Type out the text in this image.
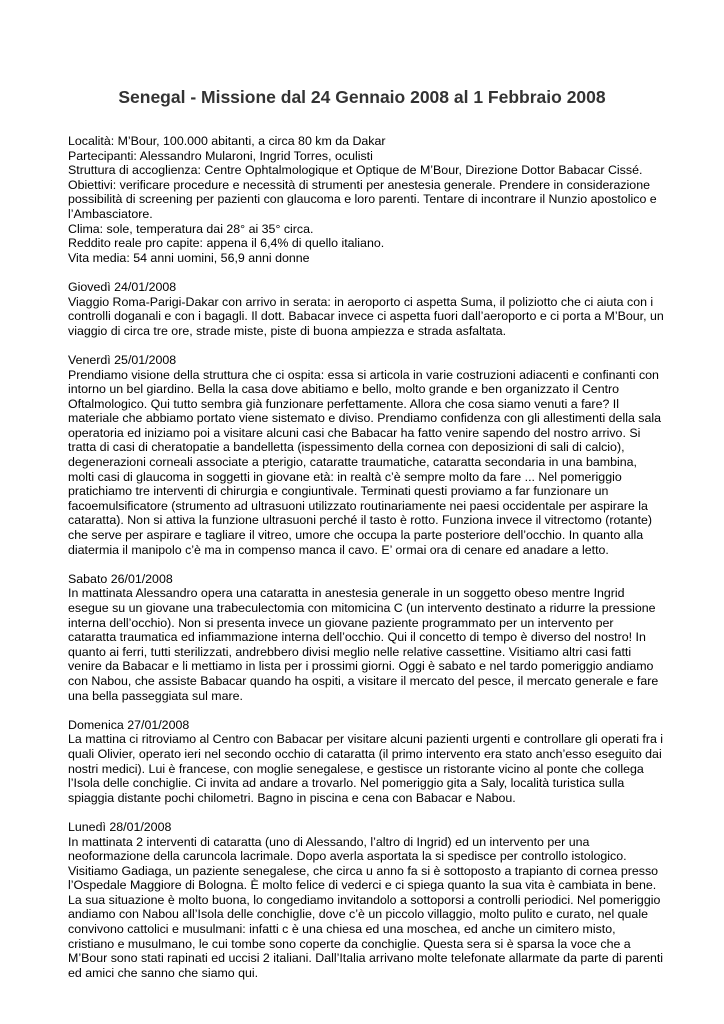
Senegal - Missione dal 24 Gennaio 2008 al 1 Febbraio 2008

Località: M’Bour, 100.000 abitanti, a circa 80 km da Dakar
Partecipanti: Alessandro Mularoni, Ingrid Torres, oculisti
Struttura di accoglienza: Centre Ophtalmologique et Optique de M’Bour, Direzione Dottor Babacar Cissé.
Obiettivi: verificare procedure e necessità di strumenti per anestesia generale. Prendere in considerazione
possibilità di screening per pazienti con glaucoma e loro parenti. Tentare di incontrare il Nunzio apostolico e
l’Ambasciatore.
Clima: sole, temperatura dai 28° ai 35° circa.
Reddito reale pro capite: appena il 6,4% di quello italiano.
Vita media: 54 anni uomini, 56,9 anni donne

Giovedì 24/01/2008
Viaggio Roma-Parigi-Dakar con arrivo in serata: in aeroporto ci aspetta Suma, il poliziotto che ci aiuta con i
controlli doganali e con i bagagli. Il dott. Babacar invece ci aspetta fuori dall’aeroporto e ci porta a M’Bour, un
viaggio di circa tre ore, strade miste, piste di buona ampiezza e strada asfaltata.

Venerdì 25/01/2008
Prendiamo visione della struttura che ci ospita: essa si articola in varie costruzioni adiacenti e confinanti con
intorno un bel giardino. Bella la casa dove abitiamo e bello, molto grande e ben organizzato il Centro
Oftalmologico. Qui tutto sembra già funzionare perfettamente. Allora che cosa siamo venuti a fare? Il
materiale che abbiamo portato viene sistemato e diviso. Prendiamo confidenza con gli allestimenti della sala
operatoria ed iniziamo poi a visitare alcuni casi che Babacar ha fatto venire sapendo del nostro arrivo. Si
tratta di casi di cheratopatie a bandelletta (ispessimento della cornea con deposizioni di sali di calcio),
degenerazioni corneali associate a pterigio, cataratte traumatiche, cataratta secondaria in una bambina,
molti casi di glaucoma in soggetti in giovane età: in realtà c’è sempre molto da fare ... Nel pomeriggio
pratichiamo tre interventi di chirurgia e congiuntivale. Terminati questi proviamo a far funzionare un
facoemulsificatore (strumento ad ultrasuoni utilizzato routinariamente nei paesi occidentale per aspirare la
cataratta). Non si attiva la funzione ultrasuoni perché il tasto è rotto. Funziona invece il vitrectomo (rotante)
che serve per aspirare e tagliare il vitreo, umore che occupa la parte posteriore dell’occhio. In quanto alla
diatermia il manipolo c’è ma in compenso manca il cavo. E’ ormai ora di cenare ed anadare a letto.

Sabato 26/01/2008
In mattinata Alessandro opera una cataratta in anestesia generale in un soggetto obeso mentre Ingrid
esegue su un giovane una trabeculectomia con mitomicina C (un intervento destinato a ridurre la pressione
interna dell’occhio). Non si presenta invece un giovane paziente programmato per un intervento per
cataratta traumatica ed infiammazione interna dell’occhio. Qui il concetto di tempo è diverso del nostro! In
quanto ai ferri, tutti sterilizzati, andrebbero divisi meglio nelle relative cassettine. Visitiamo altri casi fatti
venire da Babacar e li mettiamo in lista per i prossimi giorni. Oggi è sabato e nel tardo pomeriggio andiamo
con Nabou, che assiste Babacar quando ha ospiti, a visitare il mercato del pesce, il mercato generale e fare
una bella passeggiata sul mare.

Domenica 27/01/2008
La mattina ci ritroviamo al Centro con Babacar per visitare alcuni pazienti urgenti e controllare gli operati fra i
quali Olivier, operato ieri nel secondo occhio di cataratta (il primo intervento era stato anch’esso eseguito dai
nostri medici). Lui è francese, con moglie senegalese, e gestisce un ristorante vicino al ponte che collega
l’Isola delle conchiglie. Ci invita ad andare a trovarlo. Nel pomeriggio gita a Saly, località turistica sulla
spiaggia distante pochi chilometri. Bagno in piscina e cena con Babacar e Nabou.

Lunedì 28/01/2008
In mattinata 2 interventi di cataratta (uno di Alessando, l’altro di Ingrid) ed un intervento per una
neoformazione della caruncola lacrimale. Dopo averla asportata la si spedisce per controllo istologico.
Visitiamo Gadiaga, un paziente senegalese, che circa u anno fa si è sottoposto a trapianto di cornea presso
l’Ospedale Maggiore di Bologna. È molto felice di vederci e ci spiega quanto la sua vita è cambiata in bene.
La sua situazione è molto buona, lo congediamo invitandolo a sottoporsi a controlli periodici. Nel pomeriggio
andiamo con Nabou all’Isola delle conchiglie, dove c’è un piccolo villaggio, molto pulito e curato, nel quale
convivono cattolici e musulmani: infatti c è una chiesa ed una moschea, ed anche un cimitero misto,
cristiano e musulmano, le cui tombe sono coperte da conchiglie. Questa sera si è sparsa la voce che a
M’Bour sono stati rapinati ed uccisi 2 italiani. Dall’Italia arrivano molte telefonate allarmate da parte di parenti
ed amici che sanno che siamo qui.
